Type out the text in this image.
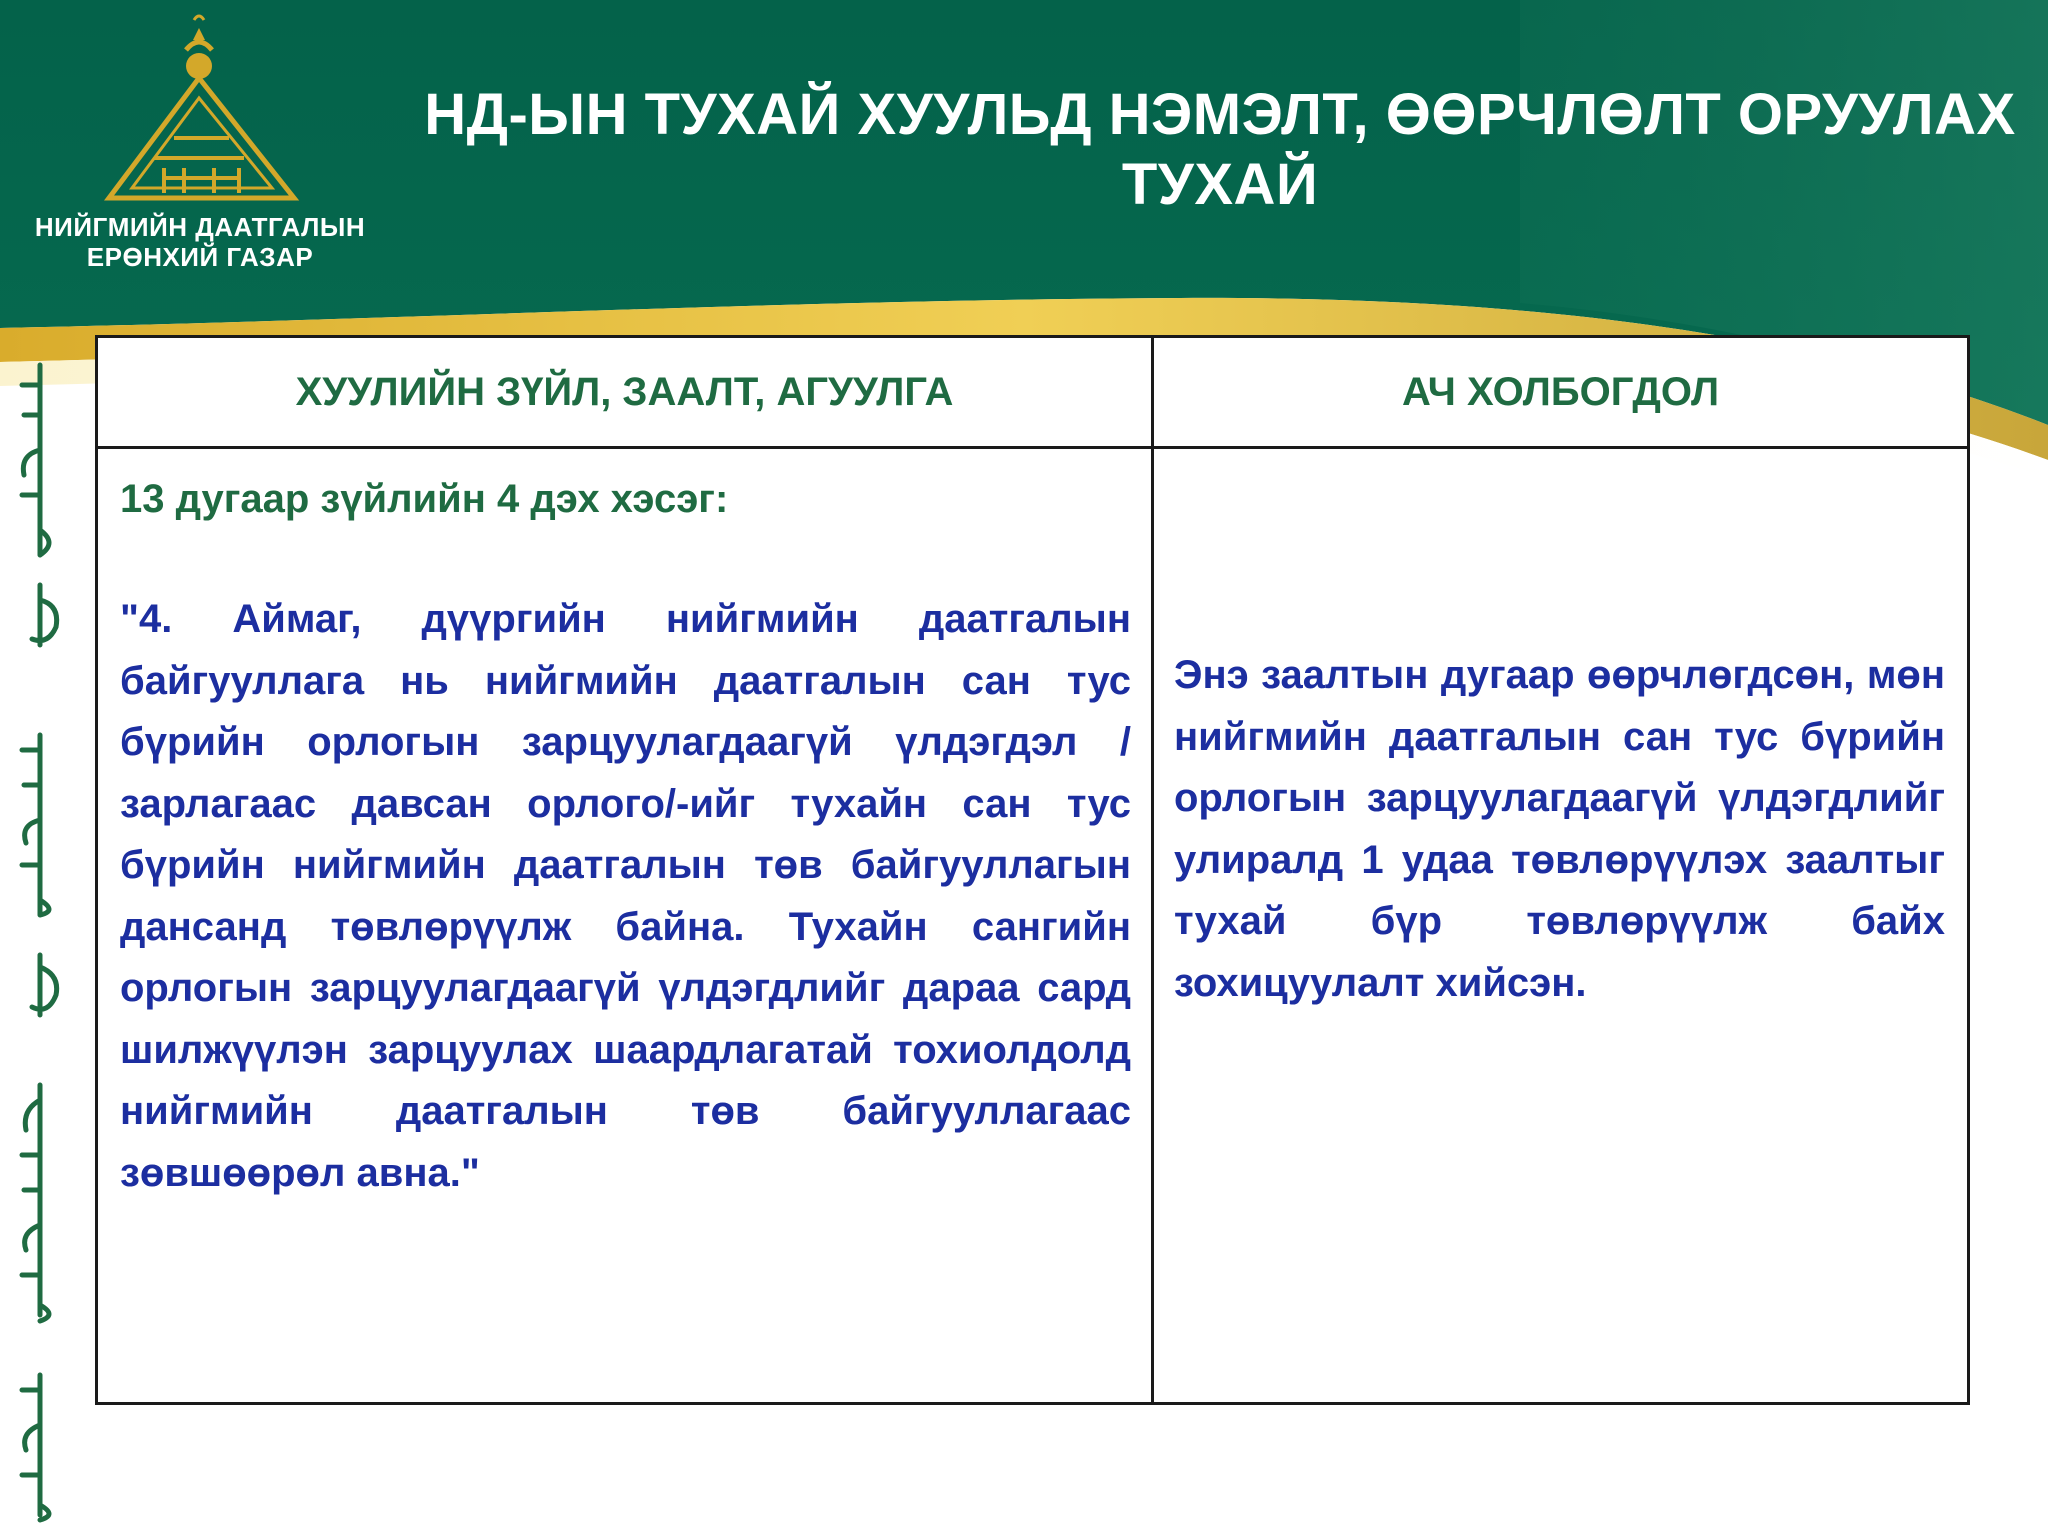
НИЙГМИЙН ДААТГАЛЫН
ЕРӨНХИЙ ГАЗАР
НД-ЫН ТУХАЙ ХУУЛЬД НЭМЭЛТ, ӨӨРЧЛӨЛТ ОРУУЛАХ ТУХАЙ
ХУУЛИЙН ЗҮЙЛ, ЗААЛТ, АГУУЛГА	АЧ ХОЛБОГДОЛ

13 дугаар зүйлийн 4 дэх хэсэг:

"4. Аймаг, дүүргийн нийгмийн даатгалын байгууллага нь нийгмийн даатгалын сан тус бүрийн орлогын зарцуулагдаагүй үлдэгдэл /зарлагаас давсан орлого/-ийг тухайн сан тус бүрийн нийгмийн даатгалын төв байгууллагын дансанд төвлөрүүлж байна. Тухайн сангийн орлогын зарцуулагдаагүй үлдэгдлийг дараа сард шилжүүлэн зарцуулах шаардлагатай тохиолдолд нийгмийн даатгалын төв байгууллагаас зөвшөөрөл авна."	Энэ заалтын дугаар өөрчлөгдсөн, мөн нийгмийн даатгалын сан тус бүрийн орлогын зарцуулагдаагүй үлдэгдлийг улиралд 1 удаа төвлөрүүлэх заалтыг тухай бүр төвлөрүүлж байх зохицуулалт хийсэн.
